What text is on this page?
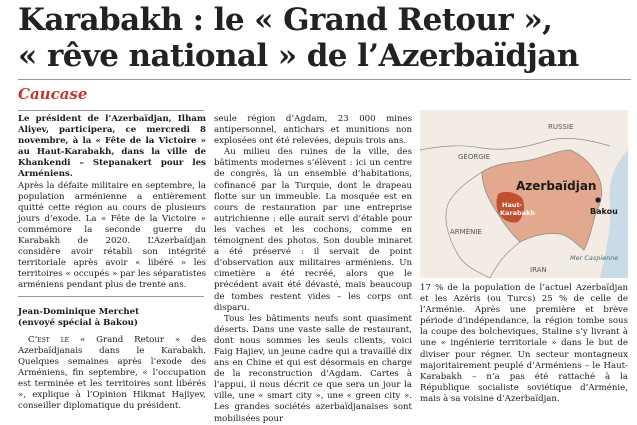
Karabakh : le « Grand Retour »,
« rêve national » de l’Azerbaïdjan
Caucase

Le président de l’Azerbaïdjan, Ilham Aliyev, participera, ce mercredi 8 novembre, à la « Fête de la Victoire » au Haut-Karabakh, dans la ville de Khankendi – Stepanakert pour les Arméniens.

Après la défaite militaire en septembre, la population arménienne a entièrement quitté cette région au cours de plusieurs jours d’exode. La « Fête de la Victoire » commémore la seconde guerre du Karabakh de 2020. L’Azerbaïdjan considère avoir rétabli son intégrité territoriale après avoir « libéré » les territoires « occupés » par les séparatistes arméniens pendant plus de trente ans.

Jean-Dominique Merchet

(envoyé spécial à Bakou)

C’est le « Grand Retour » des Azerbaïdjanais dans le Karabakh. Quelques semaines après l’exode des Arméniens, fin septembre, « l’occupation est terminée et les territoires sont libérés », explique à l’Opinion Hikmat Hajiyev, conseiller diplomatique du président.

seule région d’Agdam, 23 000 mines antipersonnel, antichars et munitions non explosées ont été relevées, depuis trois ans.

Au milieu des ruines de la ville, des bâtiments modernes s’élèvent : ici un centre de congrès, là un ensemble d’habitations, cofinancé par la Turquie, dont le drapeau flotte sur un immeuble. La mosquée est en cours de restauration par une entreprise autrichienne : elle aurait servi d’étable pour les vaches et les cochons, comme en témoignent des photos. Son double minaret a été préservé : il servait de point d’observation aux militaires arméniens. Un cimetière a été recréé, alors que le précédent avait été dévasté, mais beaucoup de tombes restent vides – les corps ont disparu.

Tous les bâtiments neufs sont quasiment déserts. Dans une vaste salle de restaurant, dont nous sommes les seuls clients, voici Faig Hajiev, un jeune cadre qui a travaillé dix ans en Chine et qui est désormais en charge de la reconstruction d’Agdam. Cartes à l’appui, il nous décrit ce que sera un jour la ville, une « smart city », une « green city ». Les grandes sociétés azerbaïdjanaises sont mobilisées pour

RUSSIE
GÉORGIE
Azerbaïdjan
Bakou
ARMÉNIE
Haut-
Karabakh
Mer Caspienne
IRAN

17 % de la population de l’actuel Azerbaïdjan et les Azéris (ou Turcs) 25 % de celle de l’Arménie. Après une première et brève période d’indépendance, la région tombe sous la coupe des bolcheviques, Staline s’y livrant à une « ingénierie territoriale » dans le but de diviser pour régner. Un secteur montagneux majoritairement peuplé d’Arméniens – le Haut-Karabakh – n’a pas été rattaché à la République socialiste soviétique d’Arménie, mais à sa voisine d’Azerbaïdjan.
